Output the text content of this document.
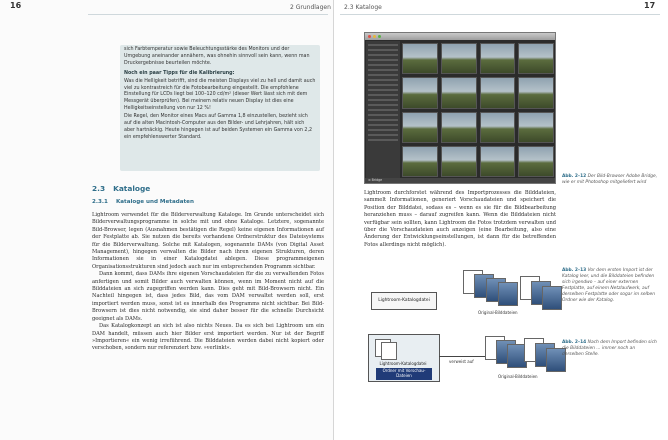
16	2 Grundlagen

sich Farbtemperatur sowie Beleuchtungsstärke des Monitors und der Umgebung aneinander annähern, was ohnehin sinnvoll sein kann, wenn man Druckergebnisse beurteilen möchte.

Noch ein paar Tipps für die Kalibrierung:

Was die Helligkeit betrifft, sind die meisten Displays viel zu hell und damit auch viel zu kontrastreich für die Fotobearbeitung eingestellt. Die empfohlene Einstellung für LCDs liegt bei 100–120 cd/m² (dieser Wert lässt sich mit dem Messgerät überprüfen). Bei meinem relativ neuen Display ist dies eine Helligkeitseinstellung von nur 12 %!

Die Regel, den Monitor eines Macs auf Gamma 1,8 einzustellen, bezieht sich auf die alten Macintosh-Computer aus den Bilder- und Lehrjahren, hält sich aber hartnäckig. Heute hingegen ist auf beiden Systemen ein Gamma von 2,2 ein empfehlenswerter Standard.

2.3 Kataloge
2.3.1 Kataloge und Metadaten

Lightroom verwendet für die Bilderverwaltung Kataloge. Im Grunde unterscheidet sich Bilderverwaltungsprogramme in solche mit und ohne Kataloge. Letztere, sogenannte Bild-Browser, legen (Ausnahmen bestätigen die Regel) keine eigenen Informationen auf der Festplatte ab. Sie nutzen die bereits vorhandene Ordnerstruktur des Dateisystems für die Bilderverwaltung. Solche mit Katalogen, sogenannte DAMs (von Digital Asset Management), hingegen verwalten die Bilder nach ihren eigenen Strukturen, deren Informationen sie in einer Katalogdatei ablegen. Diese programmeigenen Organisationsstrukturen sind jedoch auch nur im entsprechenden Programm sichtbar.

Dann kommt, dass DAMs ihre eigenen Vorschaudateien für die zu verwaltenden Fotos anfertigen und somit Bilder auch verwalten können, wenn im Moment nicht auf die Bilddateien an sich zugegriffen werden kann. Dies geht mit Bild-Browsern nicht. Ein Nachteil hingegen ist, dass jedes Bild, das vom DAM verwaltet werden soll, erst importiert werden muss, sonst ist es innerhalb des Programms nicht sichtbar. Bei Bild-Browsern ist dies nicht notwendig, sie sind daher besser für die schnelle Durchsicht geeignet als DAMs.

Das Katalogkonzept an sich ist also nichts Neues. Da es sich bei Lightroom um ein DAM handelt, müssen auch hier Bilder erst importiert werden. Nur ist der Begriff »Importieren« ein wenig irreführend. Die Bilddateien werden dabei nicht kopiert oder verschoben, sondern nur referenziert bzw. »verlinkt«.

2.3 Kataloge	17
≡ Bridge
Abb. 2–12 Der Bild-Browser Adobe Bridge, wie er mit Photoshop mitgeliefert wird

Lightroom durchforstet während des Importprozesses die Bilddateien, sammelt Informationen, generiert Vorschaudateien und speichert die Position der Bilddatei, sodass es – wenn es sie für die Bildbearbeitung heranziehen muss – darauf zugreifen kann. Wenn die Bilddateien nicht verfügbar sein sollten, kann Lightroom die Fotos trotzdem verwalten und über die Vorschaudateien auch anzeigen (eine Bearbeitung, also eine Änderung der Entwicklungseinstellungen, ist dann für die betreffenden Fotos allerdings nicht möglich).

Lightroom-Katalogdatei
Original-Bilddateien
Abb. 2–13 Vor dem ersten Import ist der Katalog leer, und die Bilddateien befinden sich irgendwo – auf einer externen Festplatte, auf einem Netzlaufwerk, auf derselben Festplatte oder sogar im selben Ordner wie der Katalog.
Lightroom-Katalogdatei
Ordner mit Vorschau-Dateien
verweist auf
Original-Bilddateien
Abb. 2–14 Nach dem Import befinden sich die Bilddateien ... immer noch an derselben Stelle.
